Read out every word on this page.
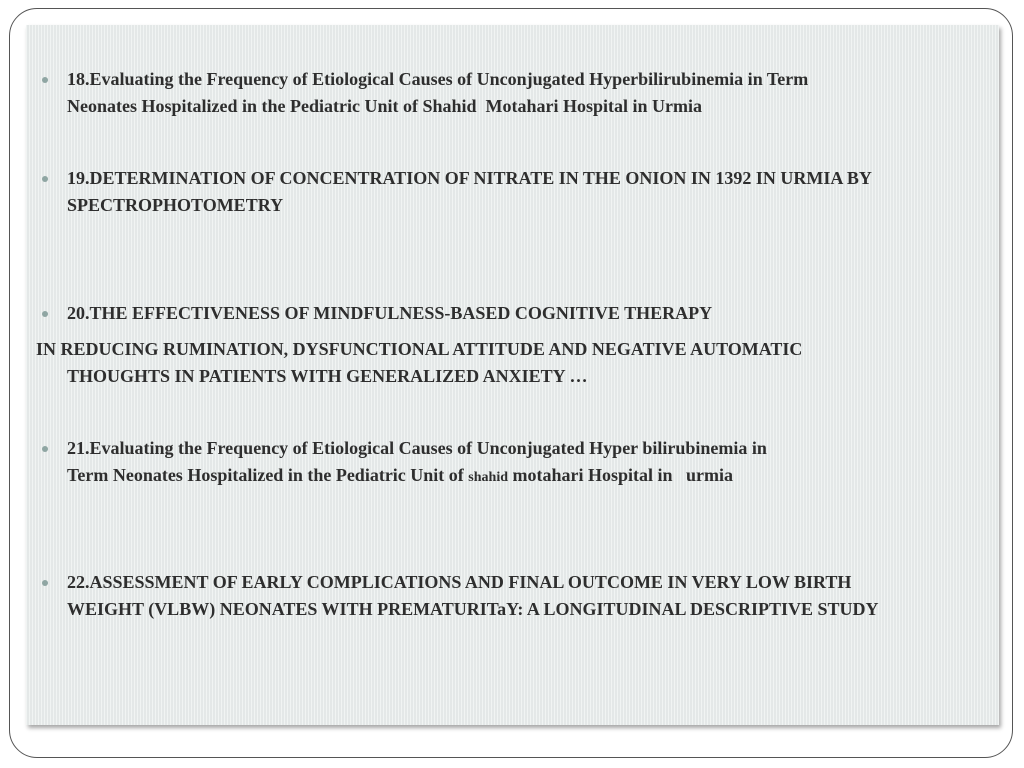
18.Evaluating the Frequency of Etiological Causes of Unconjugated Hyperbilirubinemia in Term
Neonates Hospitalized in the Pediatric Unit of Shahid  Motahari Hospital in Urmia
19.DETERMINATION OF CONCENTRATION OF NITRATE IN THE ONION IN 1392 IN URMIA BY
SPECTROPHOTOMETRY
20.THE EFFECTIVENESS OF MINDFULNESS-BASED COGNITIVE THERAPY
IN REDUCING RUMINATION, DYSFUNCTIONAL ATTITUDE AND NEGATIVE AUTOMATIC
THOUGHTS IN PATIENTS WITH GENERALIZED ANXIETY …
21.Evaluating the Frequency of Etiological Causes of Unconjugated Hyper bilirubinemia in
Term Neonates Hospitalized in the Pediatric Unit of shahid motahari Hospital in   urmia
22.ASSESSMENT OF EARLY COMPLICATIONS AND FINAL OUTCOME IN VERY LOW BIRTH
WEIGHT (VLBW) NEONATES WITH PREMATURITaY: A LONGITUDINAL DESCRIPTIVE STUDY
